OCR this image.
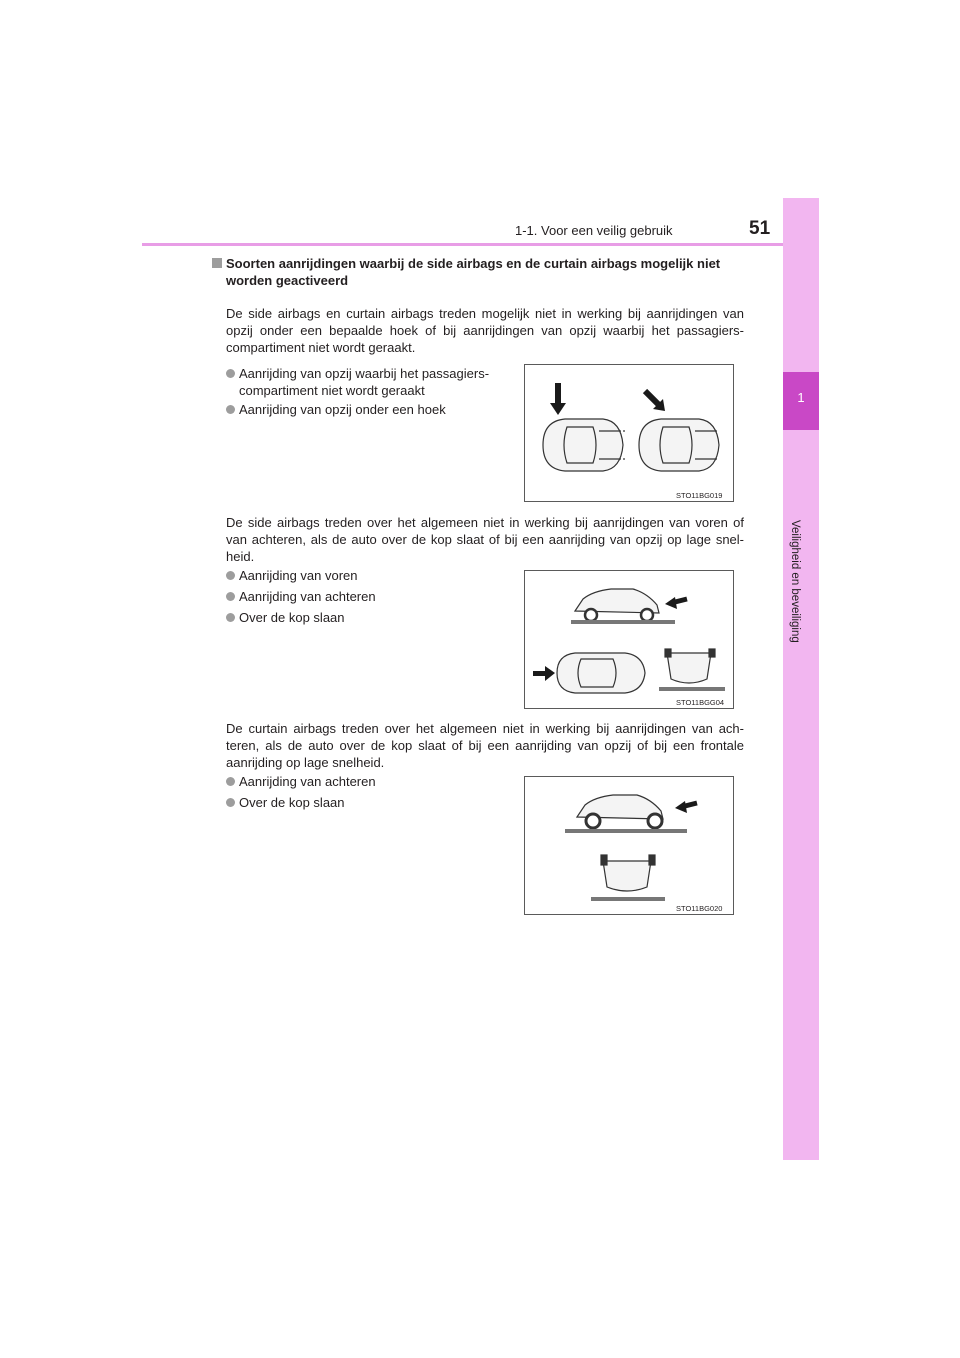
1-1. Voor een veilig gebruik	51
1
Veiligheid en beveiliging
Soorten aanrijdingen waarbij de side airbags en de curtain airbags mogelijk niet worden geactiveerd
De side airbags en curtain airbags treden mogelijk niet in werking bij aanrijdingen van opzij onder een bepaalde hoek of bij aanrijdingen van opzij waarbij het passagiers-compartiment niet wordt geraakt.
Aanrijding van opzij waarbij het passagiers-compartiment niet wordt geraakt
Aanrijding van opzij onder een hoek
STO11BG019
De side airbags treden over het algemeen niet in werking bij aanrijdingen van voren of van achteren, als de auto over de kop slaat of bij een aanrijding van opzij op lage snel-heid.
Aanrijding van voren
Aanrijding van achteren
Over de kop slaan
STO11BGG04
De curtain airbags treden over het algemeen niet in werking bij aanrijdingen van ach-teren, als de auto over de kop slaat of bij een aanrijding van opzij of bij een frontale aanrijding op lage snelheid.
Aanrijding van achteren
Over de kop slaan
STO11BG020
